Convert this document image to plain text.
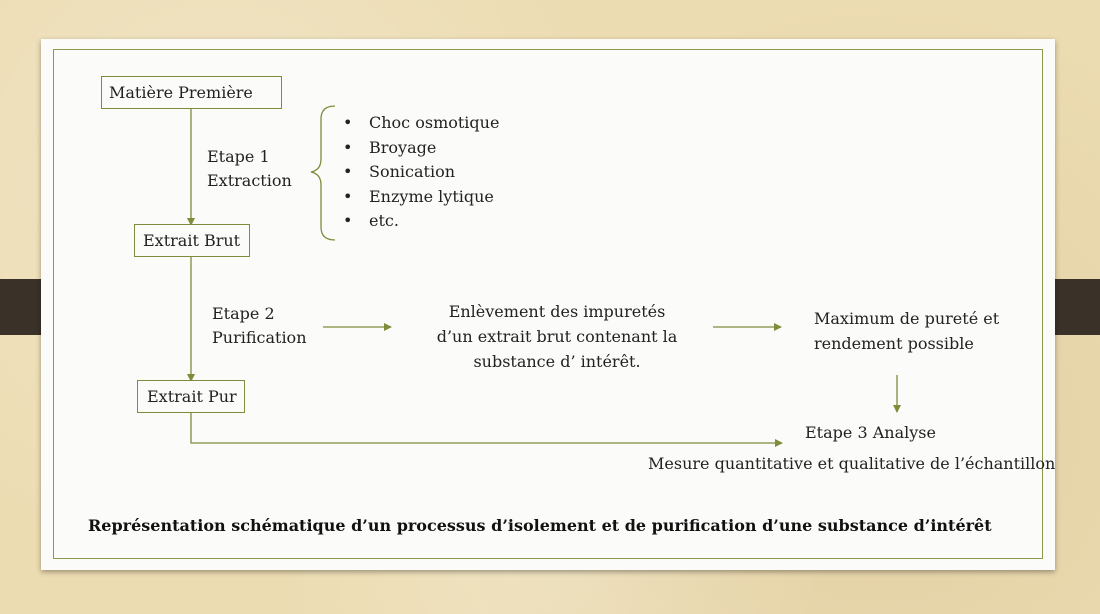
Matière Première
Extrait Brut
Extrait Pur
Etape 1
Extraction
• Choc osmotique
• Broyage
• Sonication
• Enzyme lytique
• etc.
Etape 2
Purification
Enlèvement des impuretés
d’un extrait brut contenant la
substance d’ intérêt.
Maximum de pureté et
rendement possible
Etape 3 Analyse
Mesure quantitative et qualitative de l’échantillon
Représentation schématique d’un processus d’isolement et de purification d’une substance d’intérêt
